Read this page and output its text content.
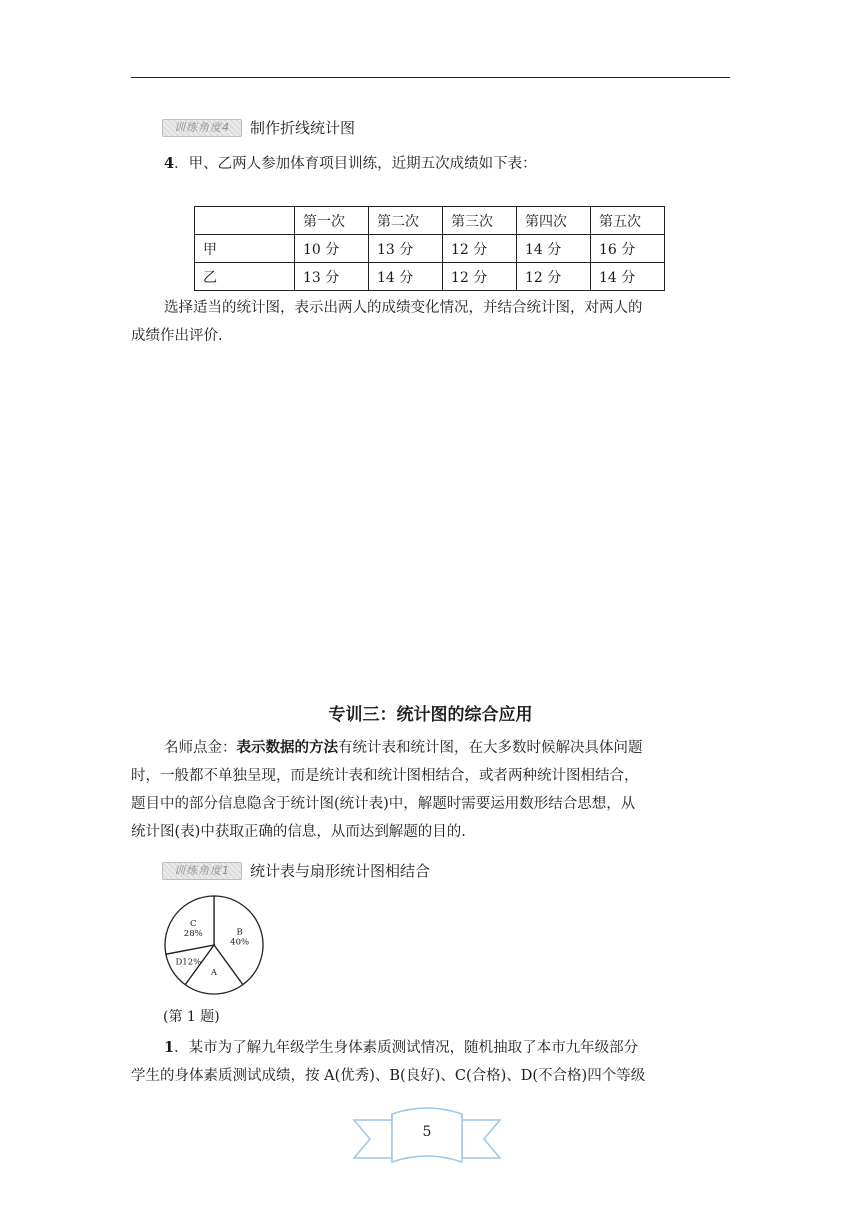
训练角度4	制作折线统计图
4．甲、乙两人参加体育项目训练，近期五次成绩如下表：
	第一次	第二次	第三次	第四次	第五次
甲	10 分	13 分	12 分	14 分	16 分
乙	13 分	14 分	12 分	12 分	14 分

选择适当的统计图，表示出两人的成绩变化情况，并结合统计图，对两人的

成绩作出评价.

专训三：统计图的综合应用

名师点金：表示数据的方法有统计表和统计图，在大多数时候解决具体问题

时，一般都不单独呈现，而是统计表和统计图相结合，或者两种统计图相结合，

题目中的部分信息隐含于统计图(统计表)中，解题时需要运用数形结合思想，从

统计图(表)中获取正确的信息，从而达到解题的目的.

训练角度1	统计表与扇形统计图相结合
B 40%
A
D12%
C 28%
(第 1 题)

1．某市为了解九年级学生身体素质测试情况，随机抽取了本市九年级部分

学生的身体素质测试成绩，按 A(优秀)、B(良好)、C(合格)、D(不合格)四个等级

5
